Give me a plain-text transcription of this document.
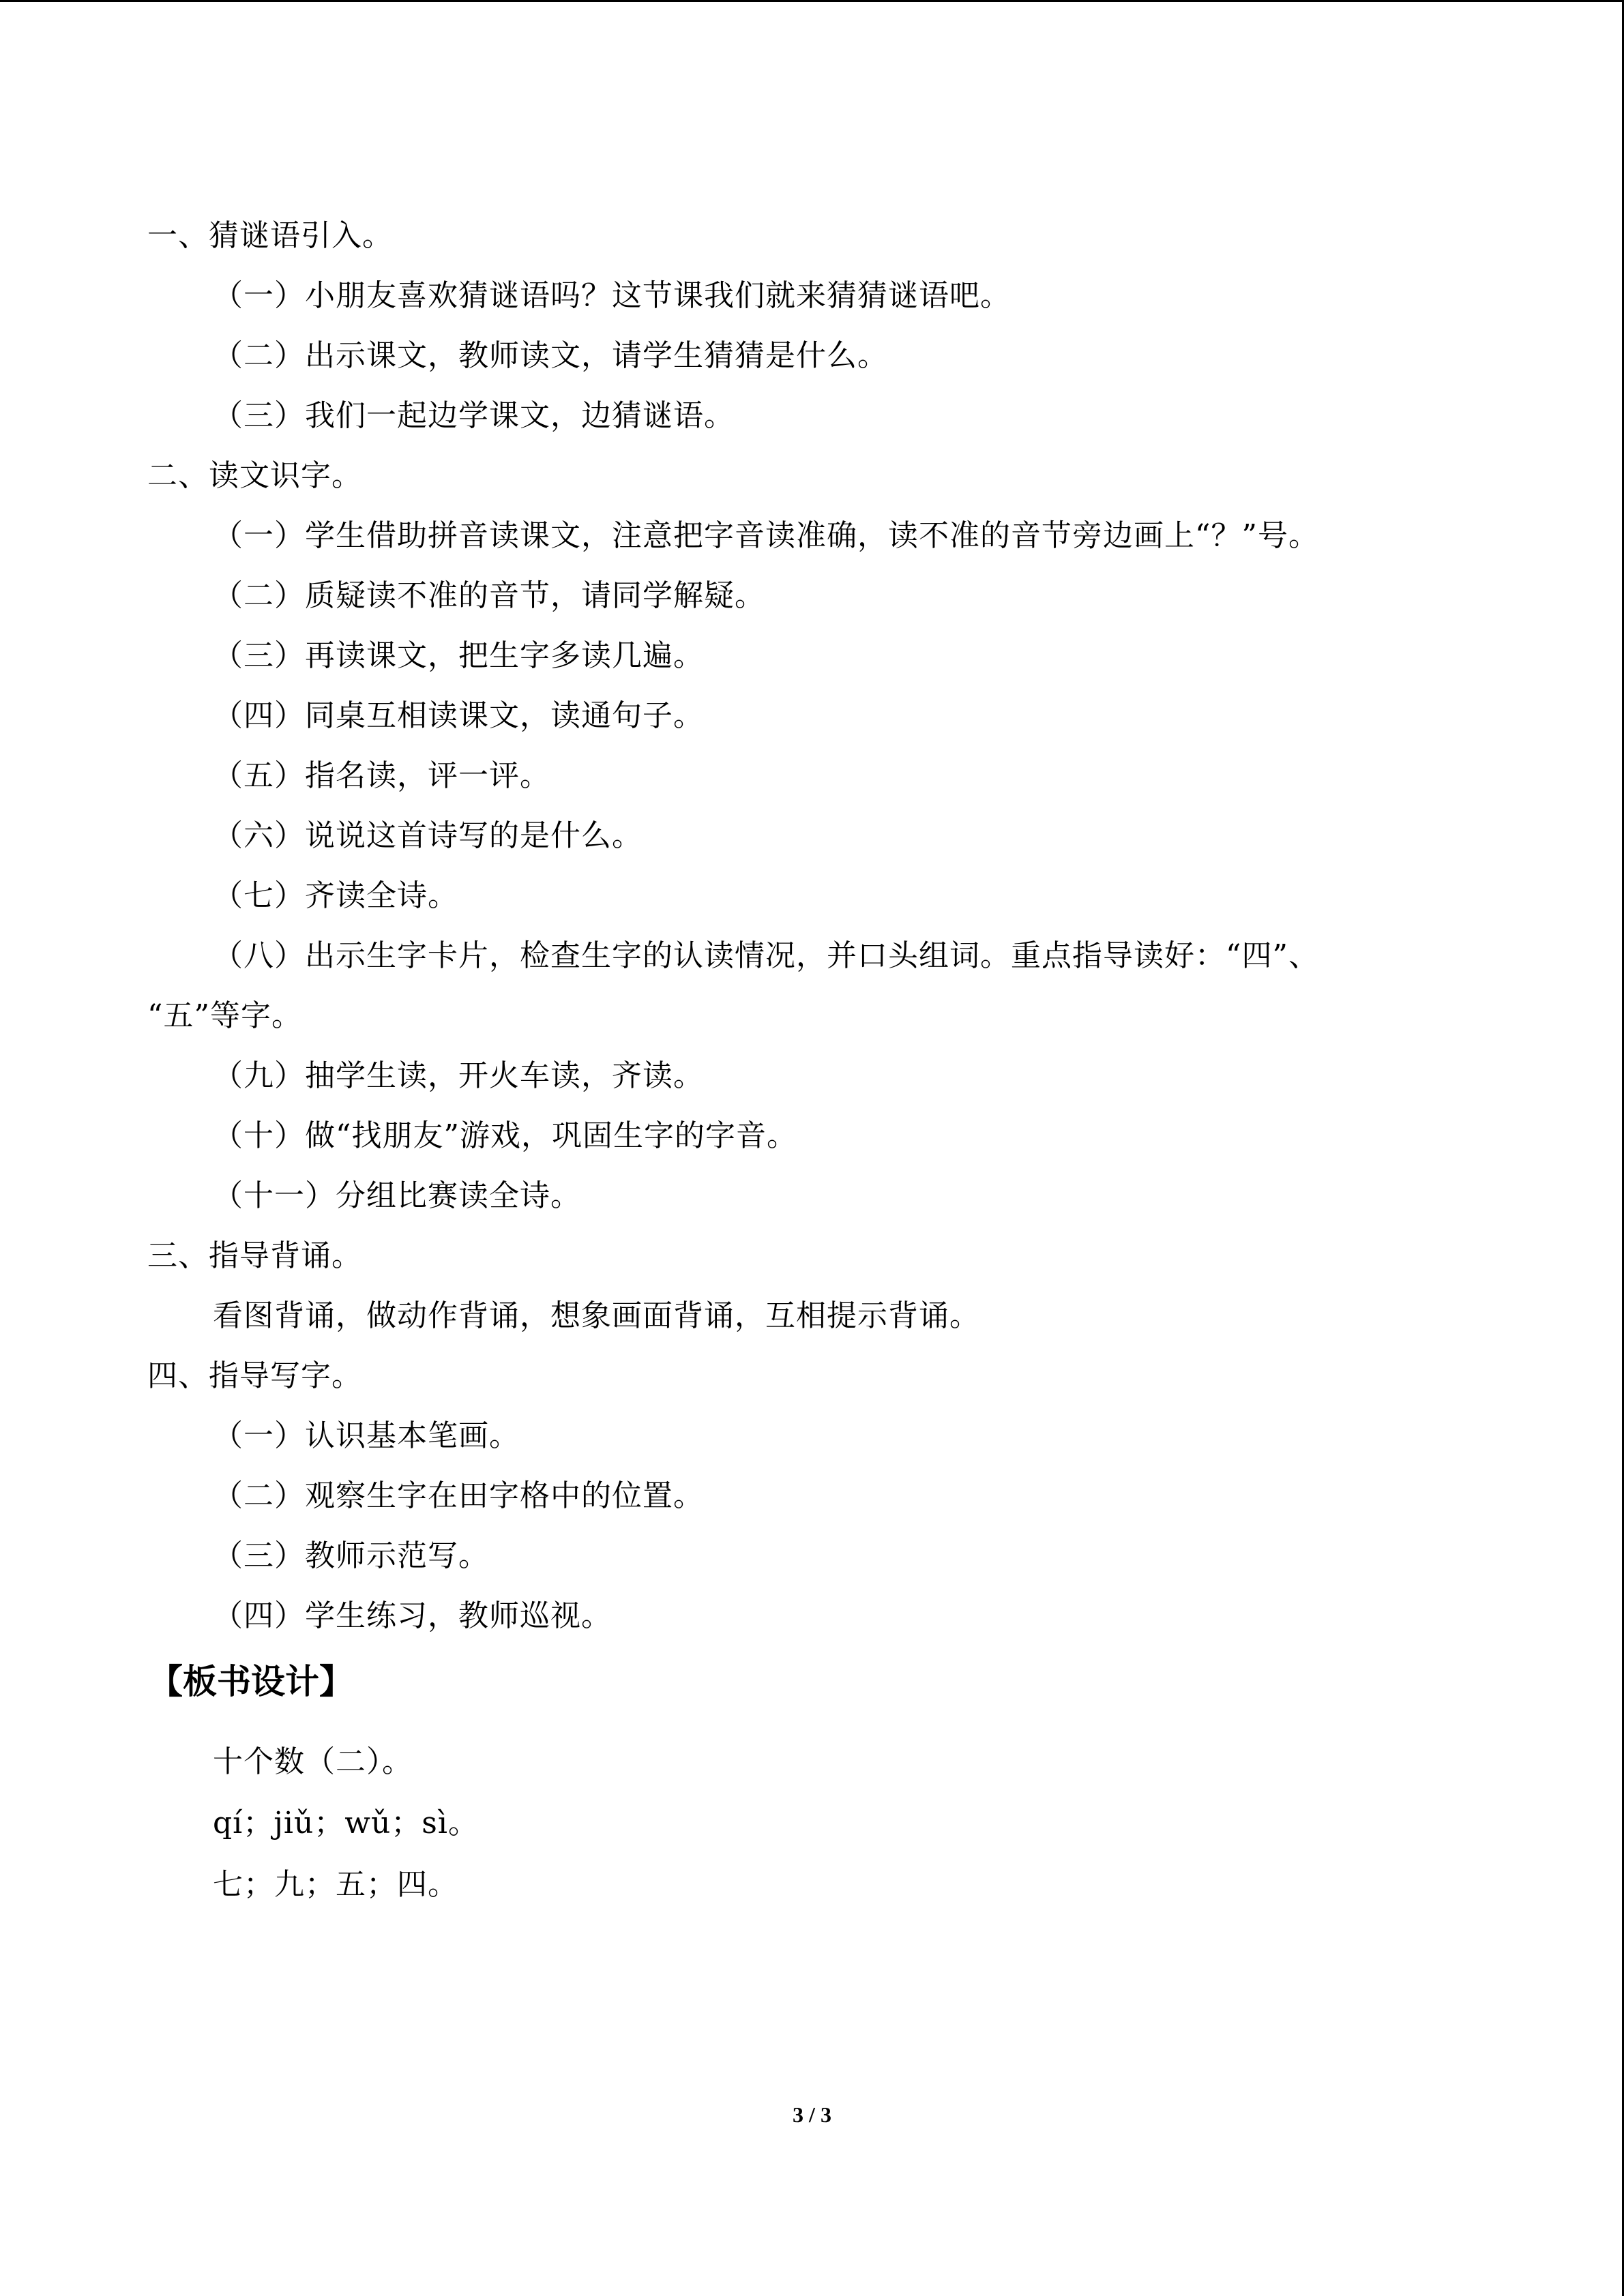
一、猜谜语引入。
（一）小朋友喜欢猜谜语吗？这节课我们就来猜猜谜语吧。
（二）出示课文，教师读文，请学生猜猜是什么。
（三）我们一起边学课文，边猜谜语。
二、读文识字。
（一）学生借助拼音读课文，注意把字音读准确，读不准的音节旁边画上“？”号。
（二）质疑读不准的音节，请同学解疑。
（三）再读课文，把生字多读几遍。
（四）同桌互相读课文，读通句子。
（五）指名读，评一评。
（六）说说这首诗写的是什么。
（七）齐读全诗。
（八）出示生字卡片，检查生字的认读情况，并口头组词。重点指导读好：“四”、
“五”等字。
（九）抽学生读，开火车读，齐读。
（十）做“找朋友”游戏，巩固生字的字音。
（十一）分组比赛读全诗。
三、指导背诵。
看图背诵，做动作背诵，想象画面背诵，互相提示背诵。
四、指导写字。
（一）认识基本笔画。
（二）观察生字在田字格中的位置。
（三）教师示范写。
（四）学生练习，教师巡视。
【板书设计】
十个数（二）。
qí；jiǔ；wǔ；sì。
七；九；五；四。
3 / 3
